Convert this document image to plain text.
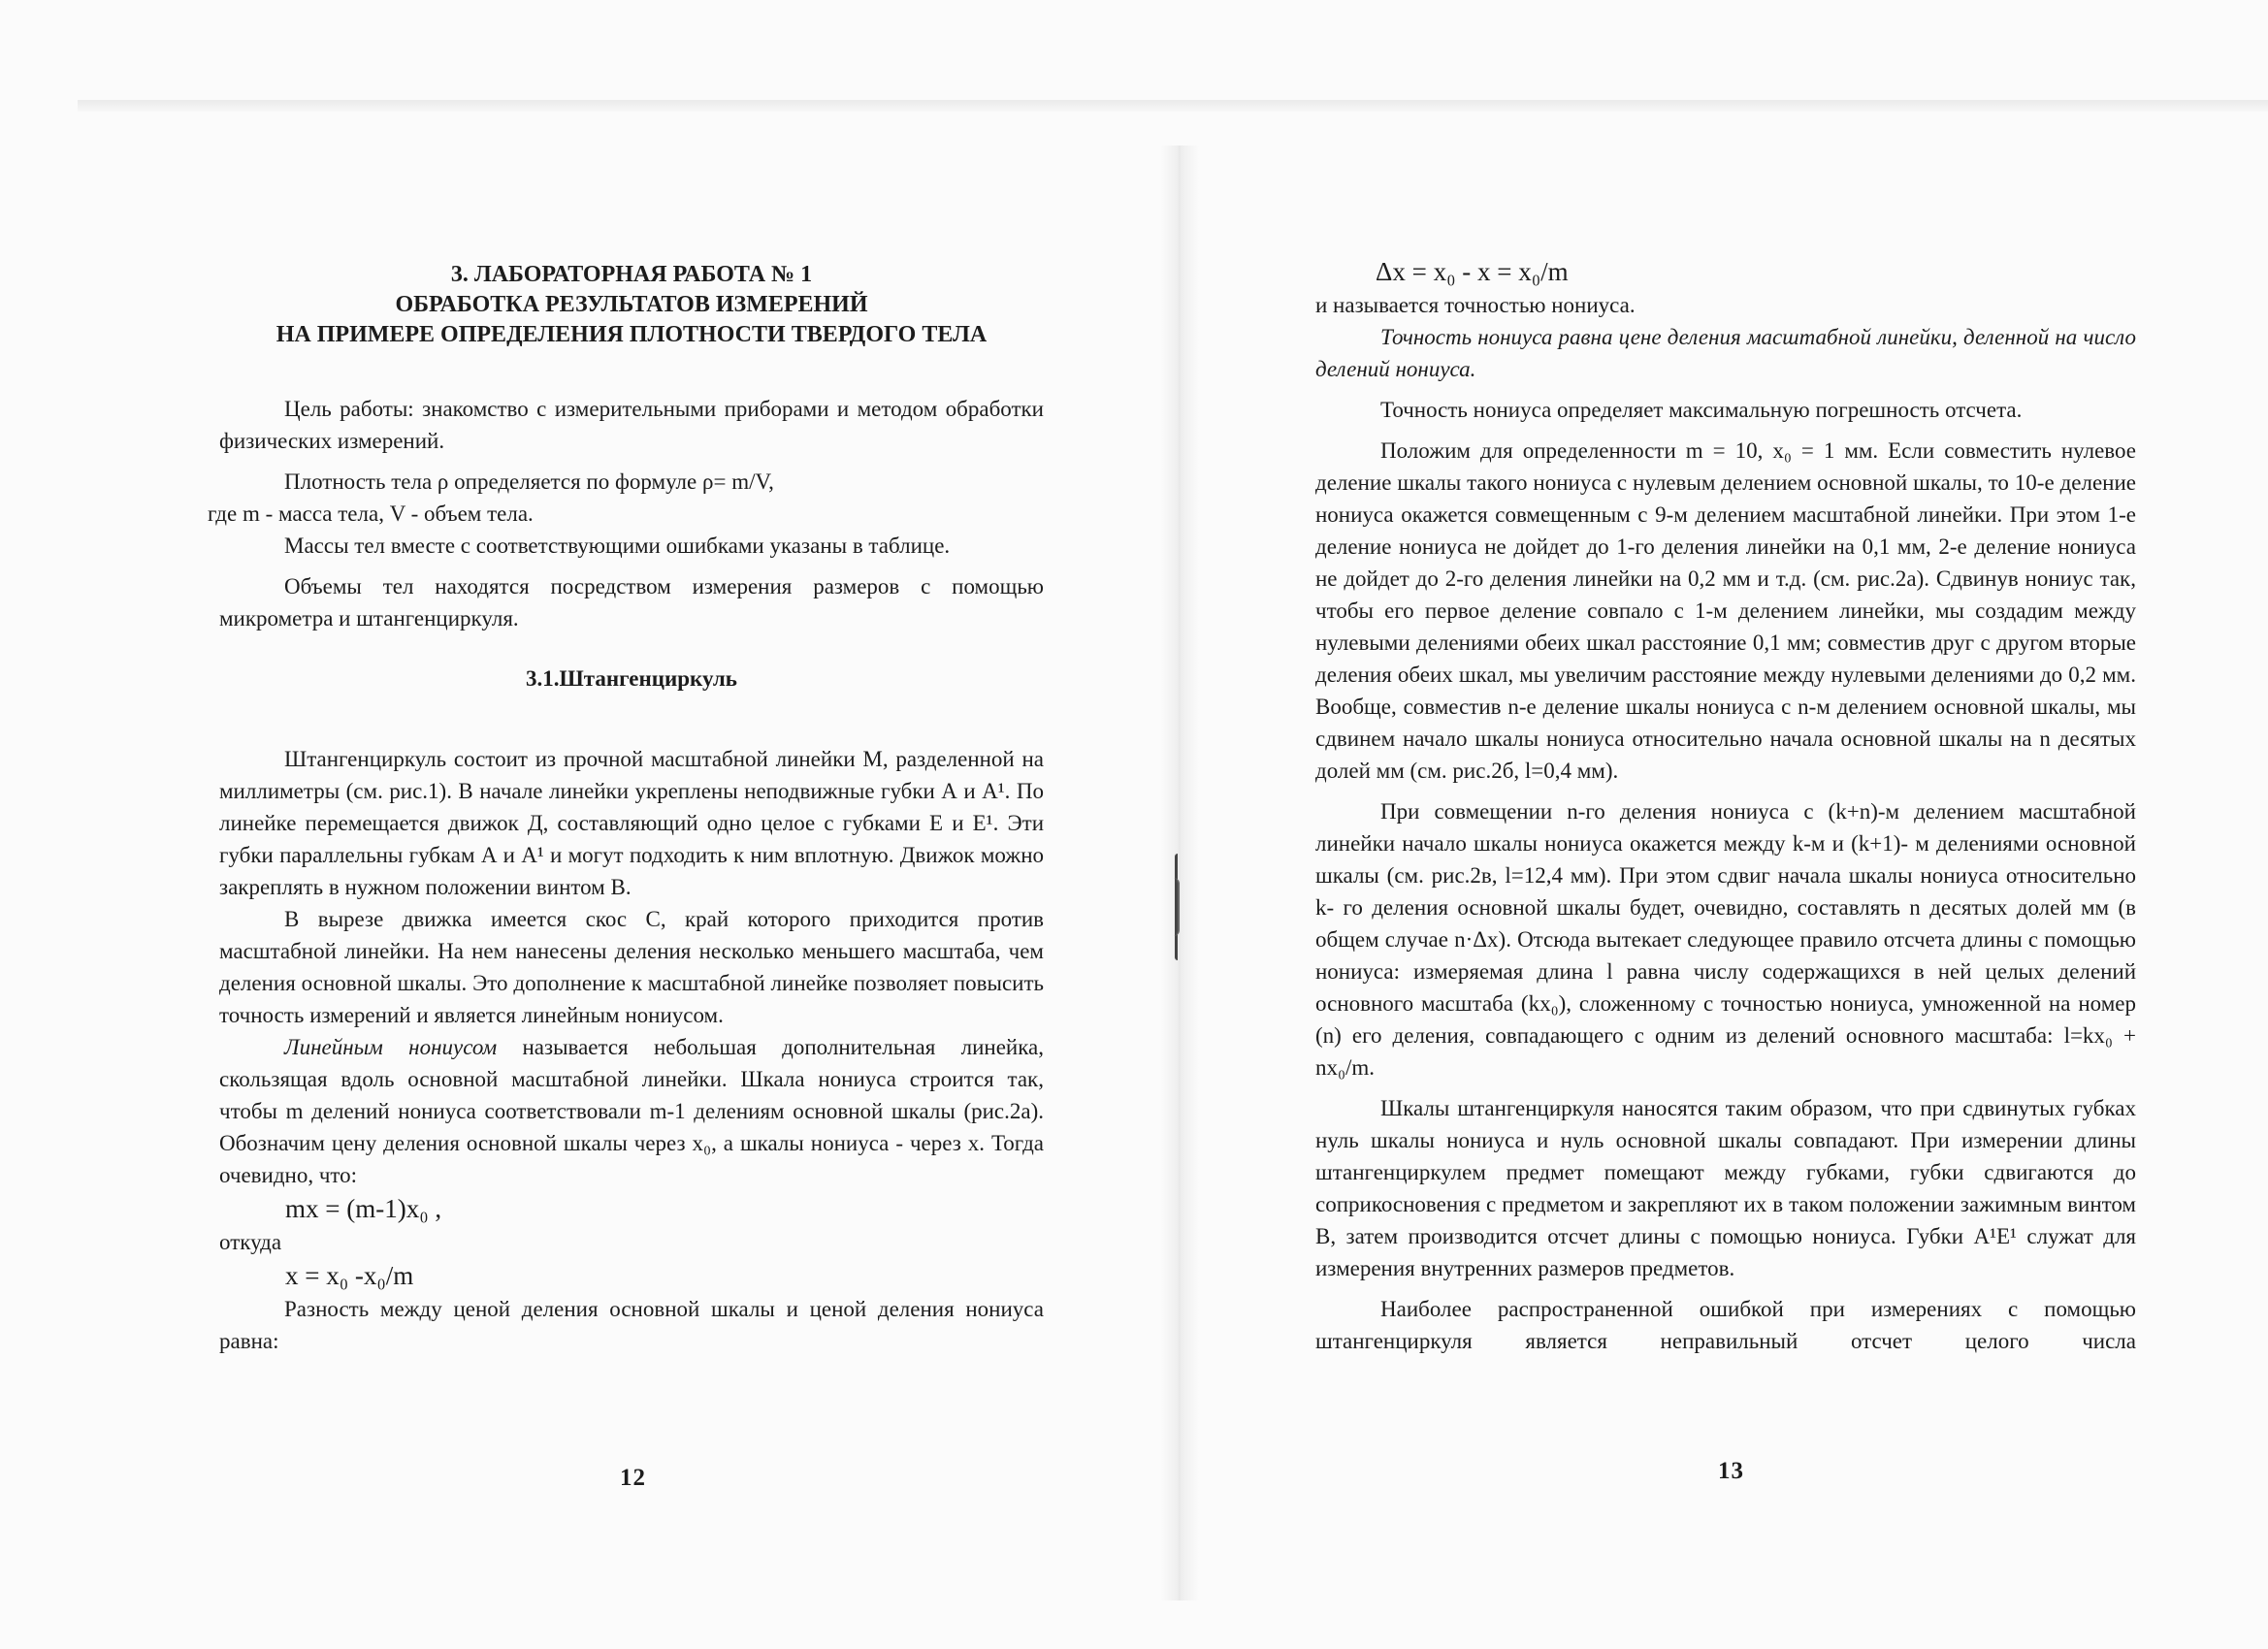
3. ЛАБОРАТОРНАЯ РАБОТА № 1
ОБРАБОТКА РЕЗУЛЬТАТОВ ИЗМЕРЕНИЙ
НА ПРИМЕРЕ ОПРЕДЕЛЕНИЯ ПЛОТНОСТИ ТВЕРДОГО ТЕЛА

Цель работы: знакомство с измерительными приборами и методом обработки физических измерений.

Плотность тела ρ определяется по формуле ρ= m/V,

где m - масса тела, V - объем тела.

Массы тел вместе с соответствующими ошибками указаны в таблице.

Объемы тел находятся посредством измерения размеров с помощью микрометра и штангенциркуля.

3.1.Штангенциркуль

Штангенциркуль состоит из прочной масштабной линейки М, разделенной на миллиметры (см. рис.1). В начале линейки укреплены неподвижные губки А и А¹. По линейке перемещается движок Д, составляющий одно целое с губками Е и Е¹. Эти губки параллельны губкам А и А¹ и могут подходить к ним вплотную. Движок можно закреплять в нужном положении винтом В.

В вырезе движка имеется скос С, край которого приходится против масштабной линейки. На нем нанесены деления несколько меньшего масштаба, чем деления основной шкалы. Это дополнение к масштабной линейке позволяет повысить точность измерений и является линейным нониусом.

Линейным нониусом называется небольшая дополнительная линейка, скользящая вдоль основной масштабной линейки. Шкала нониуса строится так, чтобы m делений нониуса соответствовали m-1 делениям основной шкалы (рис.2а). Обозначим цену деления основной шкалы через x₀, а шкалы нониуса - через x. Тогда очевидно, что:

mx = (m-1)x₀ ,

откуда

x = x₀ -x₀/m

Разность между ценой деления основной шкалы и ценой деления нониуса равна:

12

Δx = x₀ - x = x₀/m

и называется точностью нониуса.

Точность нониуса равна цене деления масштабной линейки, деленной на число делений нониуса.

Точность нониуса определяет максимальную погрешность отсчета.

Положим для определенности m = 10, x₀ = 1 мм. Если совместить нулевое деление шкалы такого нониуса с нулевым делением основной шкалы, то 10-е деление нониуса окажется совмещенным с 9-м делением масштабной линейки. При этом 1-е деление нониуса не дойдет до 1-го деления линейки на 0,1 мм, 2-е деление нониуса не дойдет до 2-го деления линейки на 0,2 мм и т.д. (см. рис.2а). Сдвинув нониус так, чтобы его первое деление совпало с 1-м делением линейки, мы создадим между нулевыми делениями обеих шкал расстояние 0,1 мм; совместив друг с другом вторые деления обеих шкал, мы увеличим расстояние между нулевыми делениями до 0,2 мм. Вообще, совместив n-е деление шкалы нониуса с n-м делением основной шкалы, мы сдвинем начало шкалы нониуса относительно начала основной шкалы на n десятых долей мм (см. рис.2б, l=0,4 мм).

При совмещении n-го деления нониуса с (k+n)-м делением масштабной линейки начало шкалы нониуса окажется между k-м и (k+1)- м делениями основной шкалы (см. рис.2в, l=12,4 мм). При этом сдвиг начала шкалы нониуса относительно k- го деления основной шкалы будет, очевидно, составлять n десятых долей мм (в общем случае n·Δx). Отсюда вытекает следующее правило отсчета длины с помощью нониуса: измеряемая длина l равна числу содержащихся в ней целых делений основного масштаба (kx₀), сложенному с точностью нониуса, умноженной на номер (n) его деления, совпадающего с одним из делений основного масштаба: l=kx₀ + nx₀/m.

Шкалы штангенциркуля наносятся таким образом, что при сдвинутых губках нуль шкалы нониуса и нуль основной шкалы совпадают. При измерении длины штангенциркулем предмет помещают между губками, губки сдвигаются до соприкосновения с предметом и закрепляют их в таком положении зажимным винтом В, затем производится отсчет длины с помощью нониуса. Губки А¹Е¹ служат для измерения внутренних размеров предметов.

Наиболее распространенной ошибкой при измерениях с помощью штангенциркуля является неправильный отсчет целого числа

13
